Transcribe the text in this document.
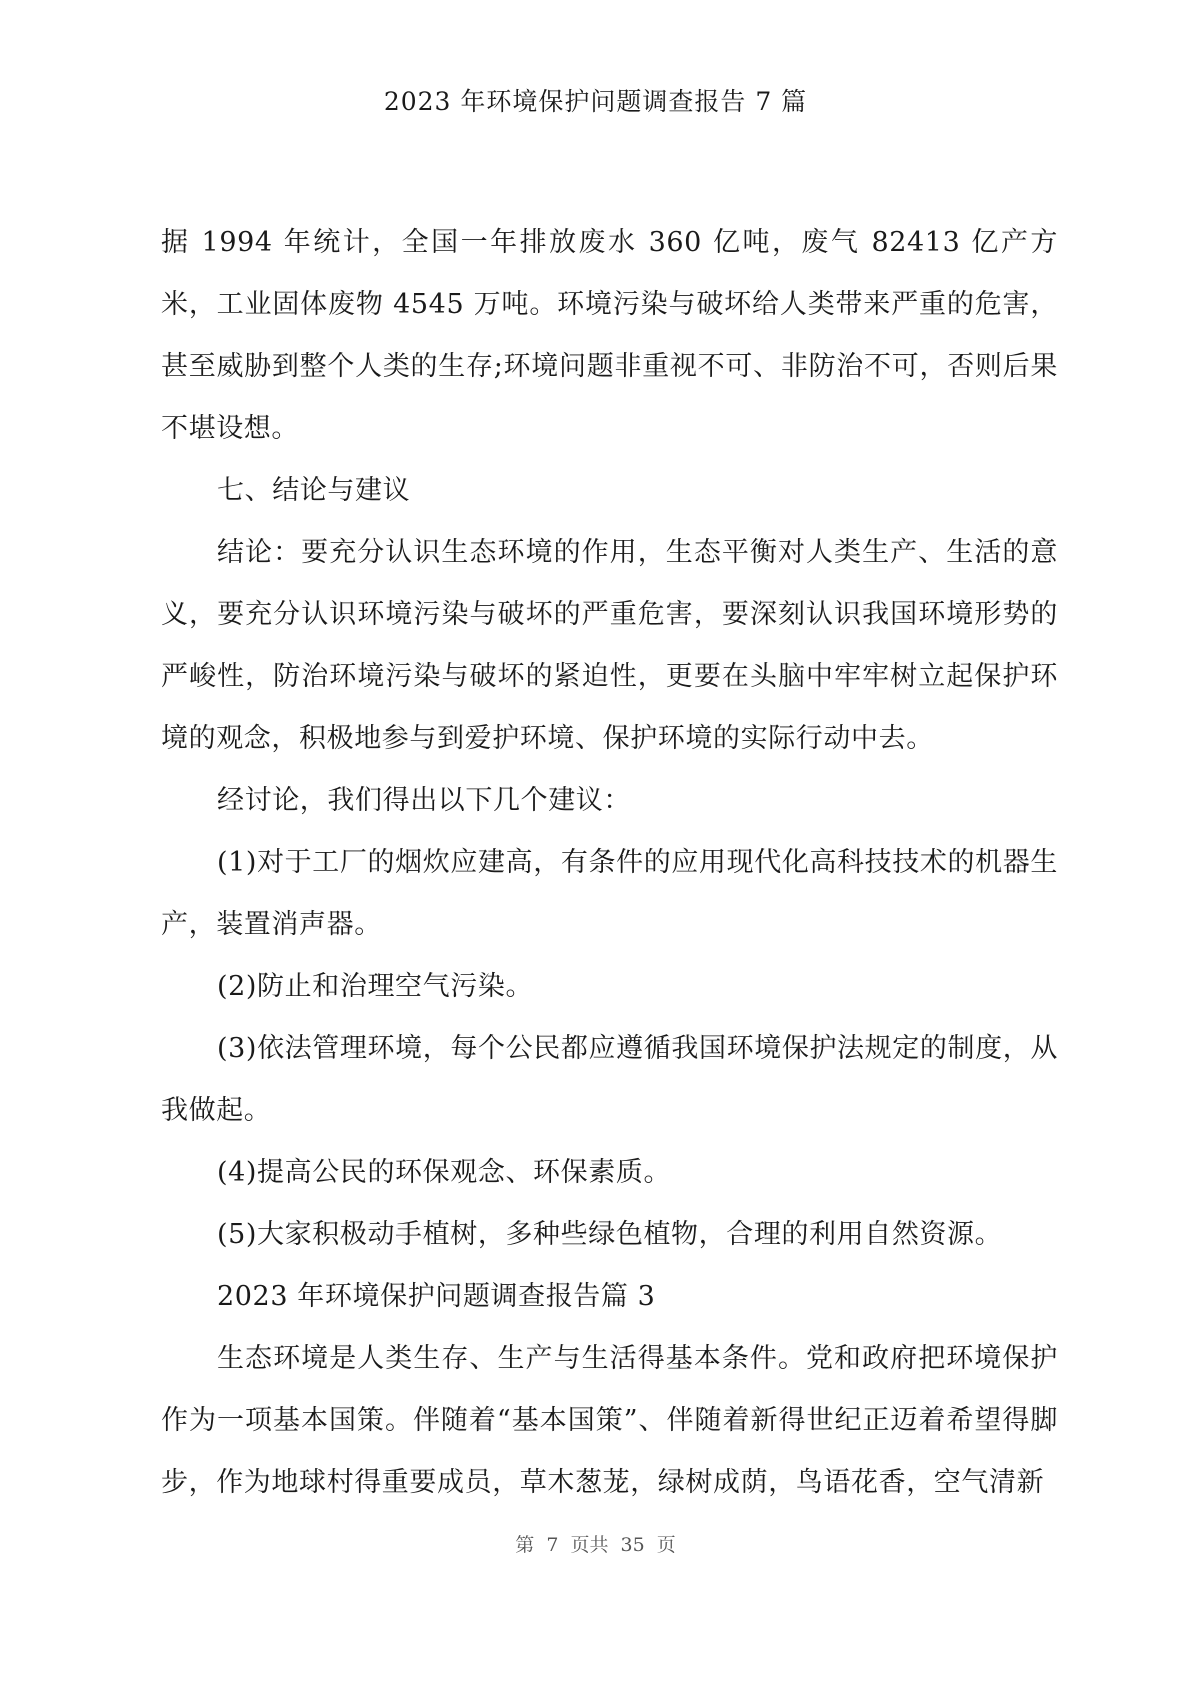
2023 年环境保护问题调查报告 7 篇

据 1994 年统计，全国一年排放废水 360 亿吨，废气 82413 亿产方米，工业固体废物 4545 万吨。环境污染与破坏给人类带来严重的危害，甚至威胁到整个人类的生存;环境问题非重视不可、非防治不可，否则后果不堪设想。

七、结论与建议

结论：要充分认识生态环境的作用，生态平衡对人类生产、生活的意义，要充分认识环境污染与破坏的严重危害，要深刻认识我国环境形势的严峻性，防治环境污染与破坏的紧迫性，更要在头脑中牢牢树立起保护环境的观念，积极地参与到爱护环境、保护环境的实际行动中去。

经讨论，我们得出以下几个建议：

(1)对于工厂的烟炊应建高，有条件的应用现代化高科技技术的机器生产，装置消声器。

(2)防止和治理空气污染。

(3)依法管理环境，每个公民都应遵循我国环境保护法规定的制度，从我做起。

(4)提高公民的环保观念、环保素质。

(5)大家积极动手植树，多种些绿色植物，合理的利用自然资源。

2023 年环境保护问题调查报告篇 3

生态环境是人类生存、生产与生活得基本条件。党和政府把环境保护作为一项基本国策。伴随着“基本国策”、伴随着新得世纪正迈着希望得脚步，作为地球村得重要成员，草木葱茏，绿树成荫，鸟语花香，空气清新

第 7 页共 35 页
